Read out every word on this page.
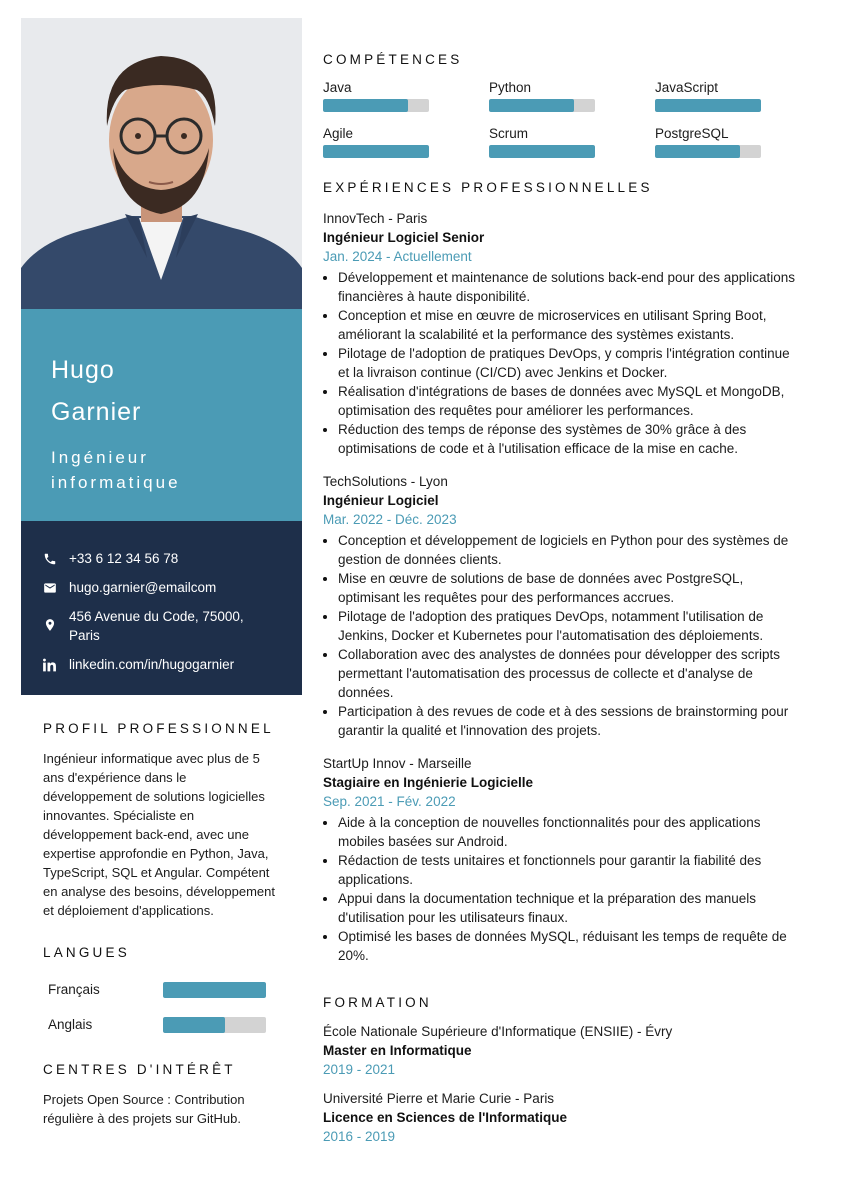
Hugo
Garnier
Ingénieur
informatique
+33 6 12 34 56 78
hugo.garnier@emailcom
456 Avenue du Code, 75000,
Paris
linkedin.com/in/hugogarnier
PROFIL PROFESSIONNEL
Ingénieur informatique avec plus de 5 ans d'expérience dans le développement de solutions logicielles innovantes. Spécialiste en développement back-end, avec une expertise approfondie en Python, Java, TypeScript, SQL et Angular. Compétent en analyse des besoins, développement et déploiement d'applications.
LANGUES
Français
Anglais
CENTRES D'INTÉRÊT
Projets Open Source : Contribution régulière à des projets sur GitHub.
COMPÉTENCES
Java	Python	JavaScript
Agile	Scrum	PostgreSQL
EXPÉRIENCES PROFESSIONNELLES
InnovTech - Paris
Ingénieur Logiciel Senior
Jan. 2024 - Actuellement
• Développement et maintenance de solutions back-end pour des applications financières à haute disponibilité.
• Conception et mise en œuvre de microservices en utilisant Spring Boot, améliorant la scalabilité et la performance des systèmes existants.
• Pilotage de l'adoption de pratiques DevOps, y compris l'intégration continue et la livraison continue (CI/CD) avec Jenkins et Docker.
• Réalisation d'intégrations de bases de données avec MySQL et MongoDB, optimisation des requêtes pour améliorer les performances.
• Réduction des temps de réponse des systèmes de 30% grâce à des optimisations de code et à l'utilisation efficace de la mise en cache.
TechSolutions - Lyon
Ingénieur Logiciel
Mar. 2022 - Déc. 2023
• Conception et développement de logiciels en Python pour des systèmes de gestion de données clients.
• Mise en œuvre de solutions de base de données avec PostgreSQL, optimisant les requêtes pour des performances accrues.
• Pilotage de l'adoption des pratiques DevOps, notamment l'utilisation de Jenkins, Docker et Kubernetes pour l'automatisation des déploiements.
• Collaboration avec des analystes de données pour développer des scripts permettant l'automatisation des processus de collecte et d'analyse de données.
• Participation à des revues de code et à des sessions de brainstorming pour garantir la qualité et l'innovation des projets.
StartUp Innov - Marseille
Stagiaire en Ingénierie Logicielle
Sep. 2021 - Fév. 2022
• Aide à la conception de nouvelles fonctionnalités pour des applications mobiles basées sur Android.
• Rédaction de tests unitaires et fonctionnels pour garantir la fiabilité des applications.
• Appui dans la documentation technique et la préparation des manuels d'utilisation pour les utilisateurs finaux.
• Optimisé les bases de données MySQL, réduisant les temps de requête de 20%.
FORMATION
École Nationale Supérieure d'Informatique (ENSIIE) - Évry
Master en Informatique
2019 - 2021
Université Pierre et Marie Curie - Paris
Licence en Sciences de l'Informatique
2016 - 2019
